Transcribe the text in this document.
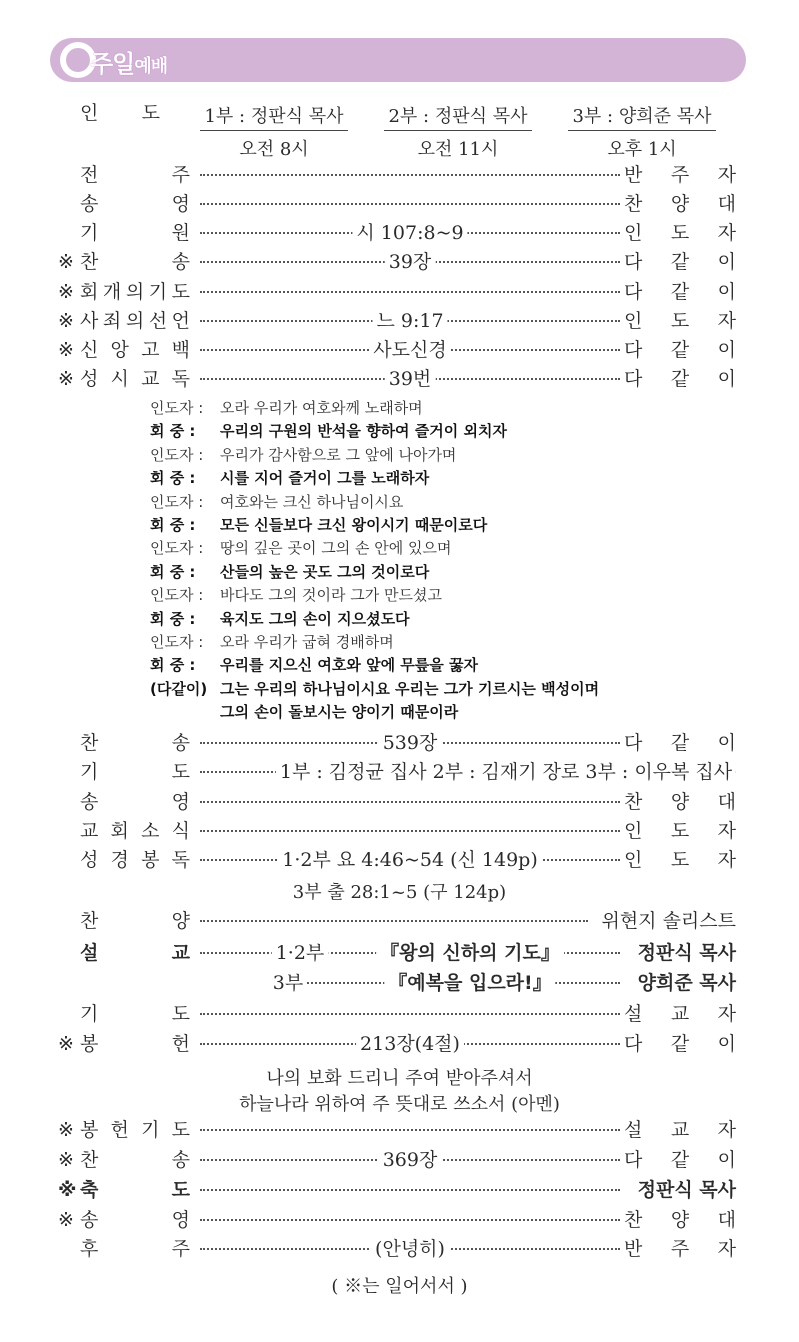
주일예배
인 도 1부 : 정판식 목사
오전 8시
2부 : 정판식 목사
오전 11시
3부 : 양희준 목사
오후 1시
전	주	반 주 자
송	영	찬 양 대
기	원	시 107:8~9	인 도 자
※ 찬	송	39장	다 같 이
※ 회 개 의 기 도	다 같 이
※ 사 죄 의 선 언	느 9:17	인 도 자
※ 신 앙 고 백	사도신경	다 같 이
※ 성 시 교 독	39번	다 같 이
인도자 : 오라 우리가 여호와께 노래하며
회 중 : 우리의 구원의 반석을 향하여 즐거이 외치자
인도자 : 우리가 감사함으로 그 앞에 나아가며
회 중 : 시를 지어 즐거이 그를 노래하자
인도자 : 여호와는 크신 하나님이시요
회 중 : 모든 신들보다 크신 왕이시기 때문이로다
인도자 : 땅의 깊은 곳이 그의 손 안에 있으며
회 중 : 산들의 높은 곳도 그의 것이로다
인도자 : 바다도 그의 것이라 그가 만드셨고
회 중 : 육지도 그의 손이 지으셨도다
인도자 : 오라 우리가 굽혀 경배하며
회 중 : 우리를 지으신 여호와 앞에 무릎을 꿇자
(다같이) 그는 우리의 하나님이시요 우리는 그가 기르시는 백성이며
그의 손이 돌보시는 양이기 때문이라
찬	송	539장	다 같 이
기	도	1부 : 김정균 집사 2부 : 김재기 장로 3부 : 이우복 집사
송	영	찬 양 대
교 회 소 식	인 도 자
성 경 봉 독	1·2부 요 4:46~54 (신 149p)	인 도 자
3부 출 28:1~5 (구 124p)
찬	양	위현지 솔리스트
설	교	1·2부	『왕의 신하의 기도』	정판식 목사
3부	『예복을 입으라!』	양희준 목사
기	도	설 교 자
※ 봉	헌	213장(4절)	다 같 이
나의 보화 드리니 주여 받아주셔서
하늘나라 위하여 주 뜻대로 쓰소서 (아멘)
※ 봉 헌 기 도	설 교 자
※ 찬	송	369장	다 같 이
※ 축	도	정판식 목사
※ 송	영	찬 양 대
후	주	(안녕히)	반 주 자
( ※는 일어서서 )
